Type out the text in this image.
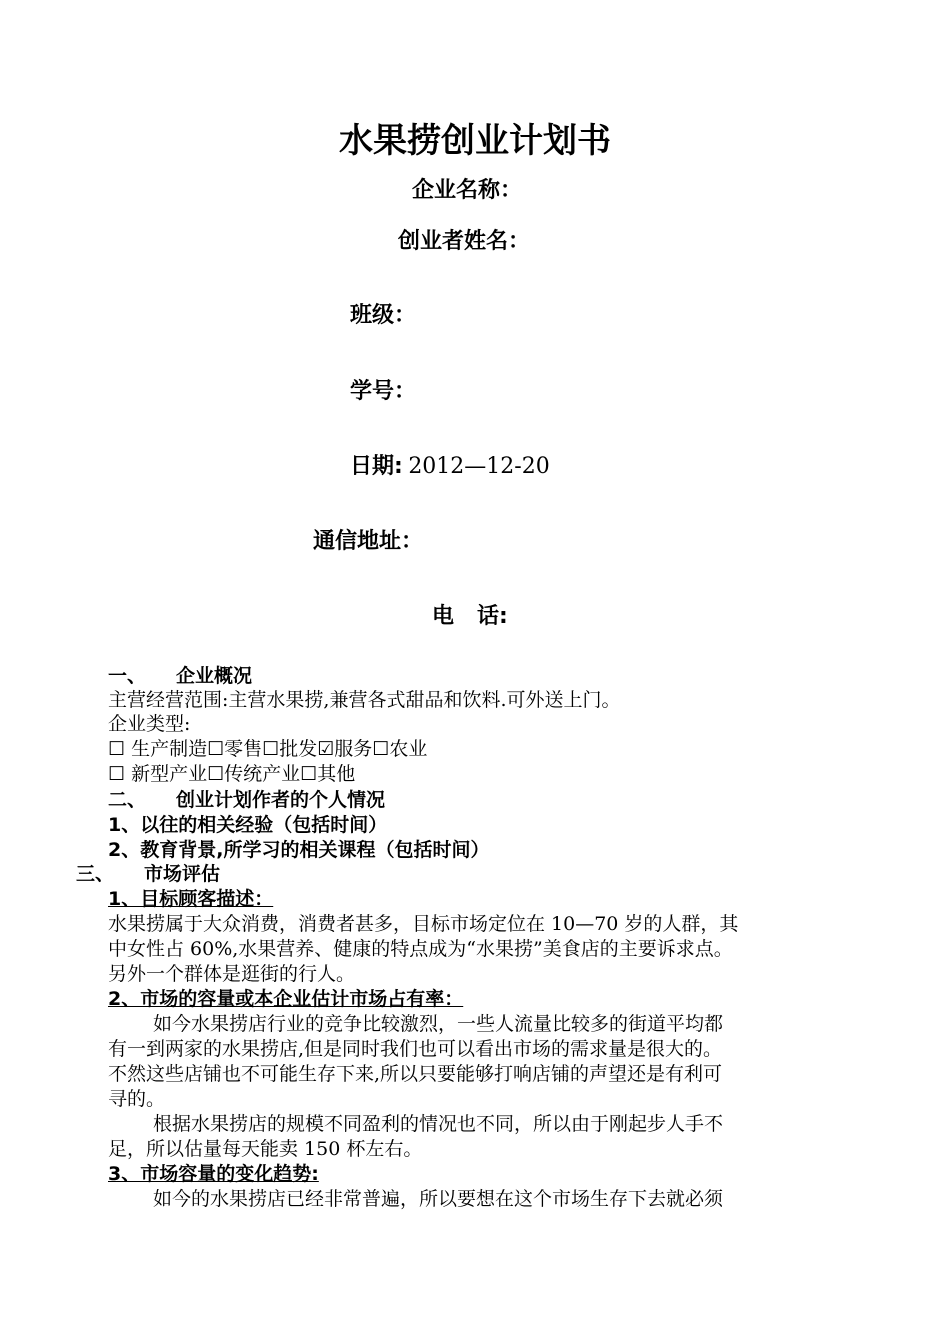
水果捞创业计划书
企业名称：
创业者姓名：
班级：
学号：
日期: 2012—12-20
通信地址：
电   话:
一、 企业概况
主营经营范围:主营水果捞,兼营各式甜品和饮料.可外送上门。
企业类型:
☐ 生产制造☐零售☐批发☑服务☐农业
☐ 新型产业☐传统产业☐其他
二、 创业计划作者的个人情况
1、以往的相关经验（包括时间）
2、教育背景,所学习的相关课程（包括时间）
三、 市场评估
1、目标顾客描述：
水果捞属于大众消费，消费者甚多，目标市场定位在 10—70 岁的人群，其
中女性占 60%,水果营养、健康的特点成为“水果捞”美食店的主要诉求点。
另外一个群体是逛街的行人。
2、市场的容量或本企业估计市场占有率：
如今水果捞店行业的竞争比较激烈，一些人流量比较多的街道平均都
有一到两家的水果捞店,但是同时我们也可以看出市场的需求量是很大的。
不然这些店铺也不可能生存下来,所以只要能够打响店铺的声望还是有利可
寻的。
根据水果捞店的规模不同盈利的情况也不同，所以由于刚起步人手不
足，所以估量每天能卖 150 杯左右。
3、市场容量的变化趋势:
如今的水果捞店已经非常普遍，所以要想在这个市场生存下去就必须
